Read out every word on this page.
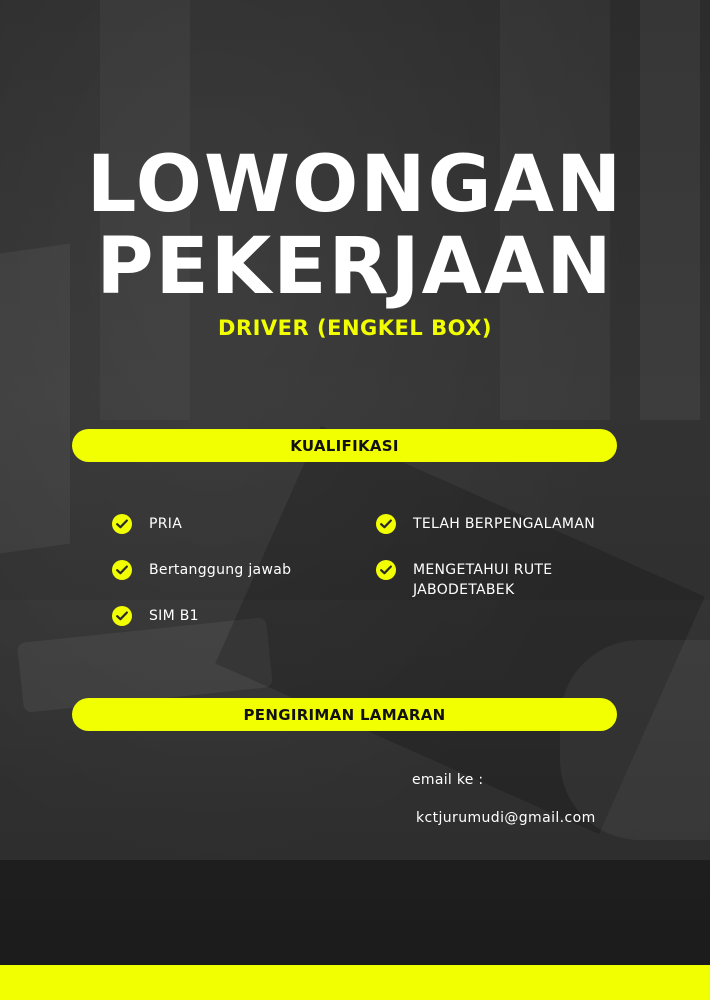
LOWONGAN
PEKERJAAN
DRIVER (ENGKEL BOX)
KUALIFIKASI
PRIA
Bertanggung jawab
SIM B1
TELAH BERPENGALAMAN
MENGETAHUI RUTE JABODETABEK
PENGIRIMAN LAMARAN
email ke :
kctjurumudi@gmail.com
